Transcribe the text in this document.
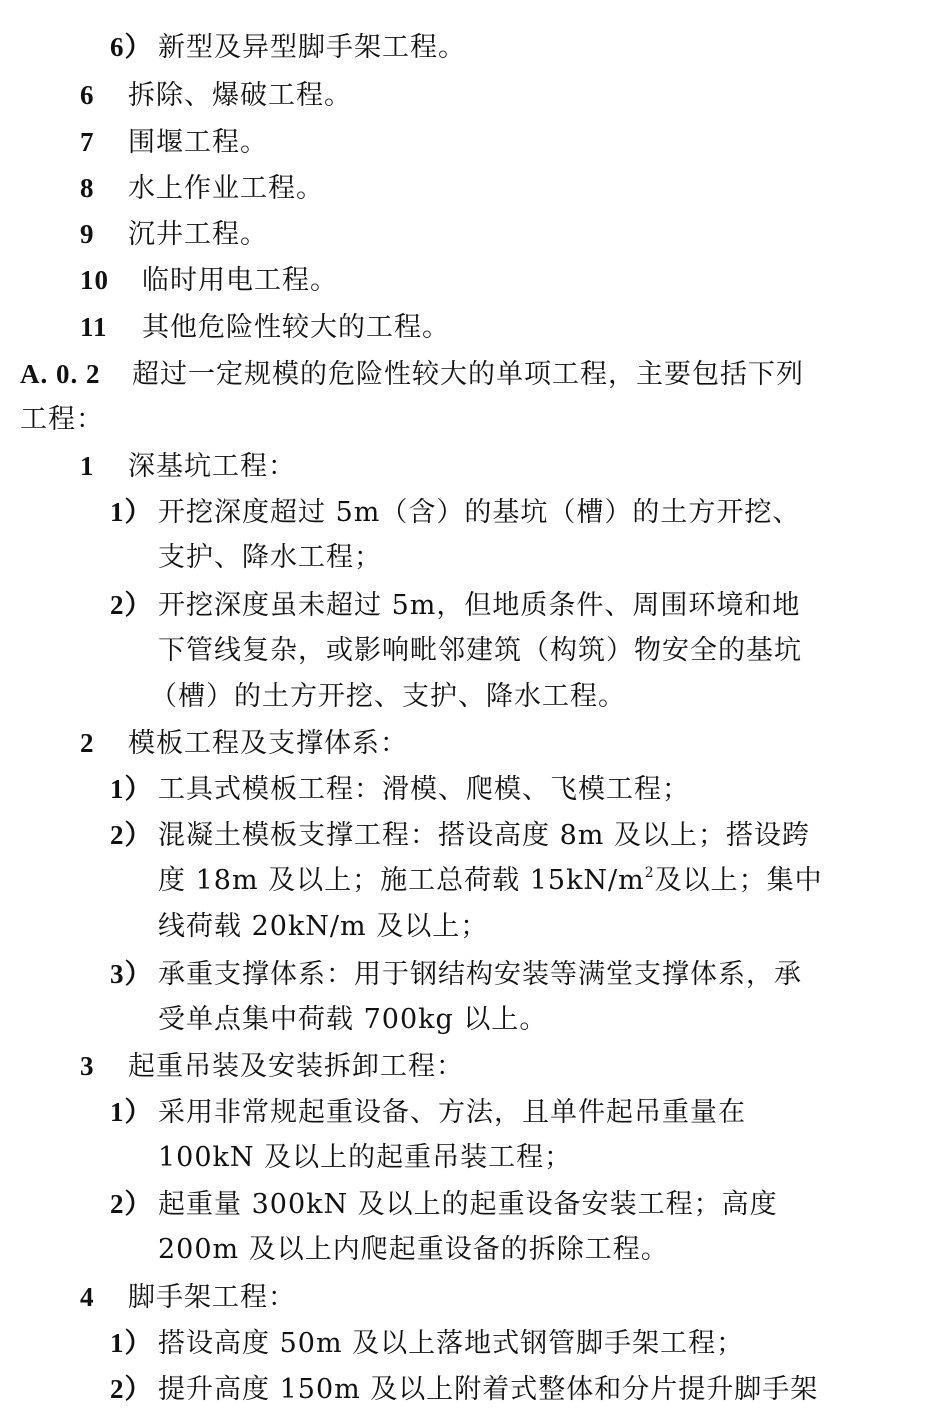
6） 新型及异型脚手架工程。
6 拆除、爆破工程。
7 围堰工程。
8 水上作业工程。
9 沉井工程。
10 临时用电工程。
11 其他危险性较大的工程。
A. 0. 2 超过一定规模的危险性较大的单项工程，主要包括下列
工程：
1 深基坑工程：
1） 开挖深度超过 5m（含）的基坑（槽）的土方开挖、
支护、降水工程；
2） 开挖深度虽未超过 5m，但地质条件、周围环境和地
下管线复杂，或影响毗邻建筑（构筑）物安全的基坑
（槽）的土方开挖、支护、降水工程。
2 模板工程及支撑体系：
1） 工具式模板工程：滑模、爬模、飞模工程；
2） 混凝土模板支撑工程：搭设高度 8m 及以上；搭设跨
度 18m 及以上；施工总荷载 $15kN/m^2$及以上；集中
线荷载 20kN/m 及以上；
3） 承重支撑体系：用于钢结构安装等满堂支撑体系，承
受单点集中荷载 700kg 以上。
3 起重吊装及安装拆卸工程：
1） 采用非常规起重设备、方法，且单件起吊重量在
100kN 及以上的起重吊装工程；
2） 起重量 300kN 及以上的起重设备安装工程；高度
200m 及以上内爬起重设备的拆除工程。
4 脚手架工程：
1） 搭设高度 50m 及以上落地式钢管脚手架工程；
2） 提升高度 150m 及以上附着式整体和分片提升脚手架
